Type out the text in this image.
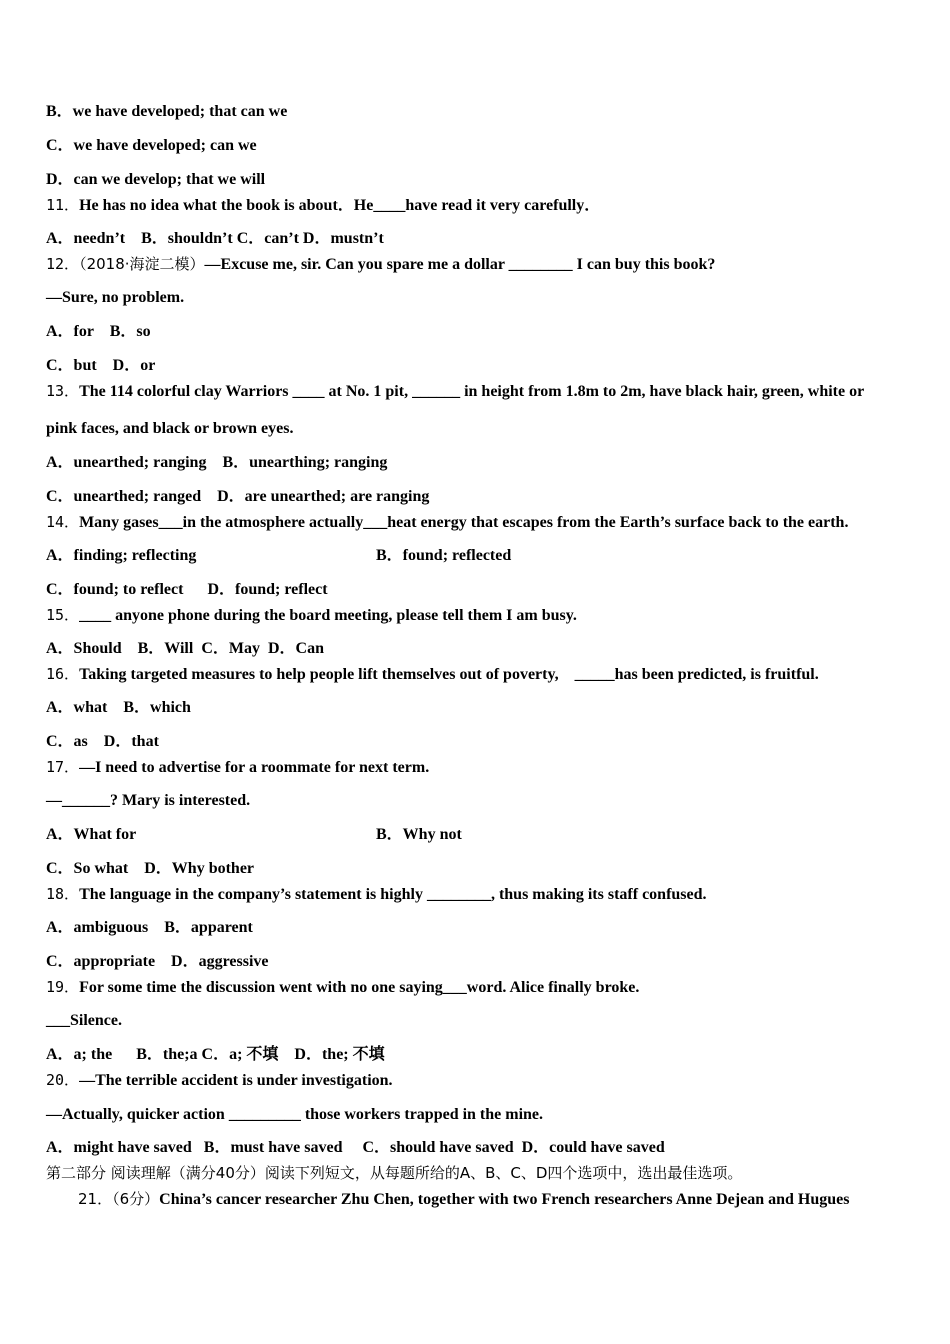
B．we have developed; that can we
C．we have developed; can we
D．can we develop; that we will
11．He has no idea what the book is about．He____have read it very carefully．
A．needn’t    B．shouldn’t C．can’t D．mustn’t
12．（2018·海淀二模）—Excuse me, sir. Can you spare me a dollar ________ I can buy this book?
—Sure, no problem.
A．for    B．so
C．but    D．or
13．The 114 colorful clay Warriors ____ at No. 1 pit, ______ in height from 1.8m to 2m, have black hair, green, white or
pink faces, and black or brown eyes.
A．unearthed; ranging    B．unearthing; ranging
C．unearthed; ranged    D．are unearthed; are ranging
14．Many gases___in the atmosphere actually___heat energy that escapes from the Earth’s surface back to the earth.
A．finding; reflecting	B．found; reflected
C．found; to reflect      D．found; reflect
15．____ anyone phone during the board meeting, please tell them I am busy.
A．Should    B．Will  C．May  D．Can
16．Taking targeted measures to help people lift themselves out of poverty,    _____has been predicted, is fruitful.
A．what    B．which
C．as    D．that
17．—I need to advertise for a roommate for next term.
—______? Mary is interested.
A．What for	B．Why not
C．So what    D．Why bother
18．The language in the company’s statement is highly ________, thus making its staff confused.
A．ambiguous    B．apparent
C．appropriate    D．aggressive
19．For some time the discussion went with no one saying___word. Alice finally broke.
___Silence.
A．a; the      B．the;a C．a; 不填    D．the; 不填
20．—The terrible accident is under investigation.
—Actually, quicker action _________ those workers trapped in the mine.
A．might have saved   B．must have saved     C．should have saved  D．could have saved
第二部分 阅读理解（满分40分）阅读下列短文，从每题所给的A、B、C、D四个选项中，选出最佳选项。
21．（6分）China’s cancer researcher Zhu Chen, together with two French researchers Anne Dejean and Hugues
